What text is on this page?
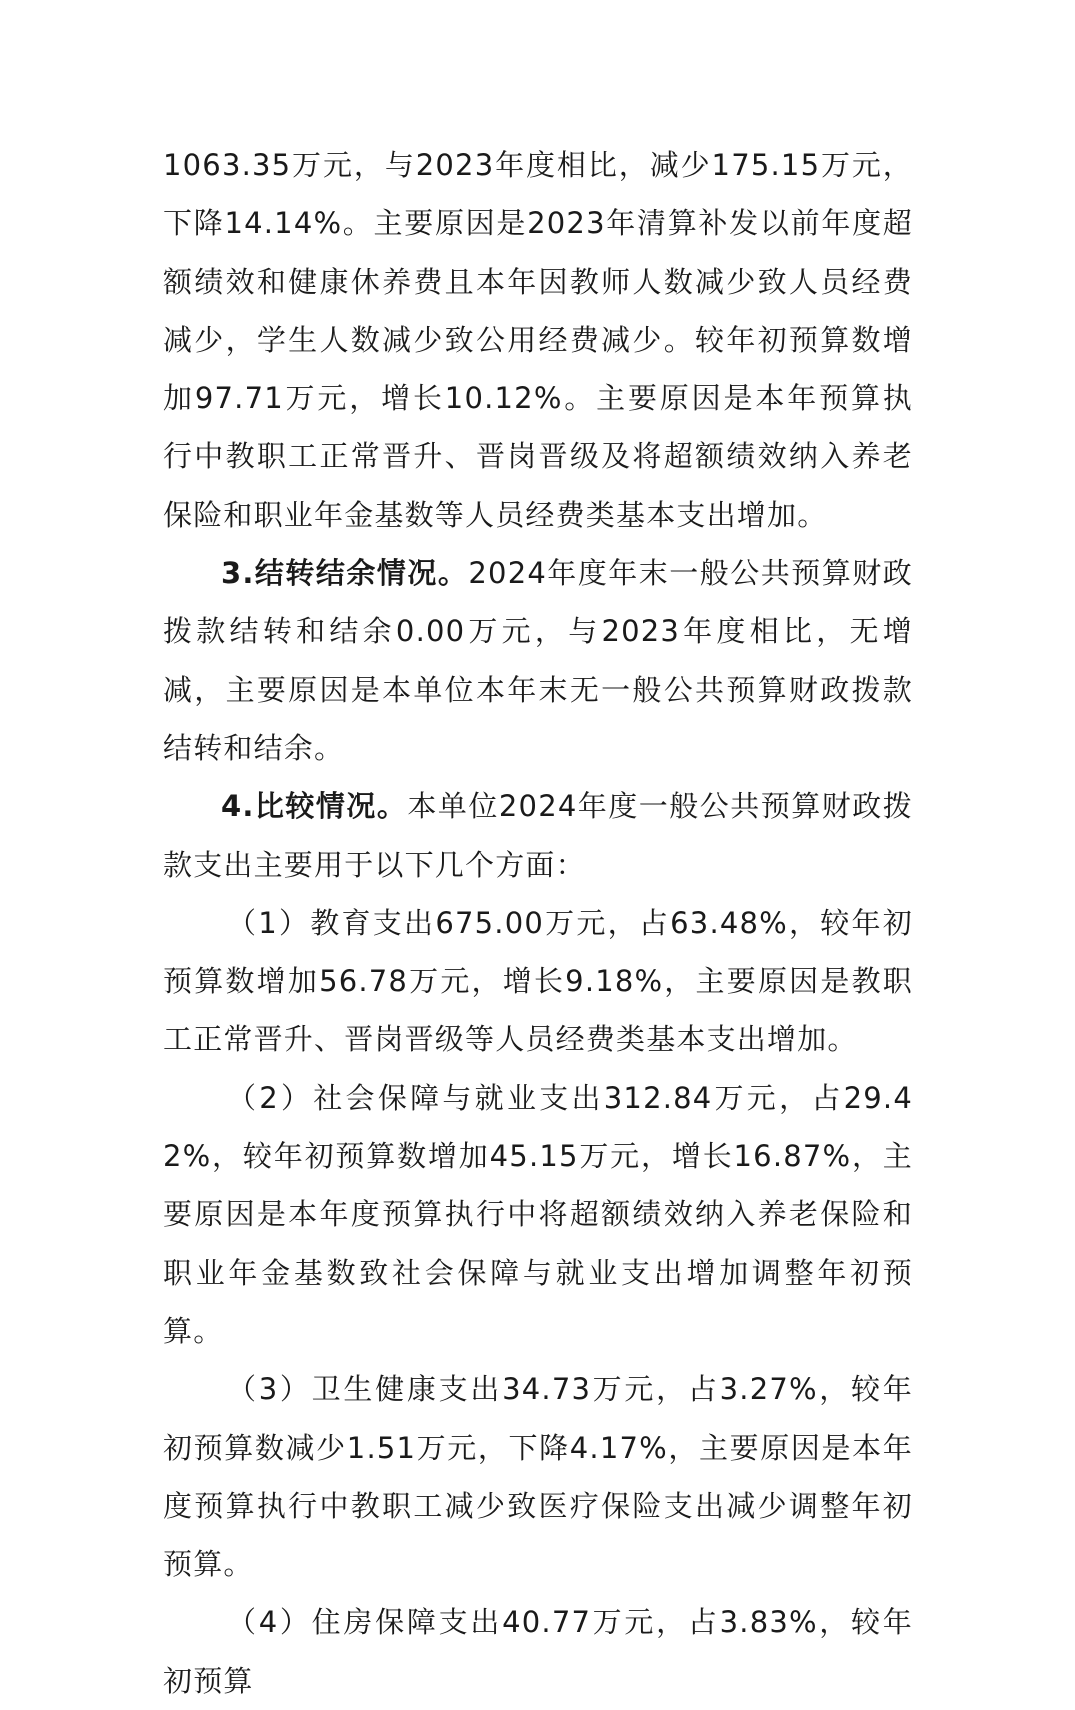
1063.35万元，与2023年度相比，减少175.15万元，下降14.14%。主要原因是2023年清算补发以前年度超额绩效和健康休养费且本年因教师人数减少致人员经费减少，学生人数减少致公用经费减少。较年初预算数增加97.71万元，增长10.12%。主要原因是本年预算执行中教职工正常晋升、晋岗晋级及将超额绩效纳入养老保险和职业年金基数等人员经费类基本支出增加。

3.结转结余情况。2024年度年末一般公共预算财政拨款结转和结余0.00万元，与2023年度相比，无增减，主要原因是本单位本年末无一般公共预算财政拨款结转和结余。

4.比较情况。本单位2024年度一般公共预算财政拨款支出主要用于以下几个方面：

（1）教育支出675.00万元，占63.48%，较年初预算数增加56.78万元，增长9.18%，主要原因是教职工正常晋升、晋岗晋级等人员经费类基本支出增加。

（2）社会保障与就业支出312.84万元，占29.42%，较年初预算数增加45.15万元，增长16.87%，主要原因是本年度预算执行中将超额绩效纳入养老保险和职业年金基数致社会保障与就业支出增加调整年初预算。

（3）卫生健康支出34.73万元，占3.27%，较年初预算数减少1.51万元，下降4.17%，主要原因是本年度预算执行中教职工减少致医疗保险支出减少调整年初预算。

（4）住房保障支出40.77万元，占3.83%，较年初预算
